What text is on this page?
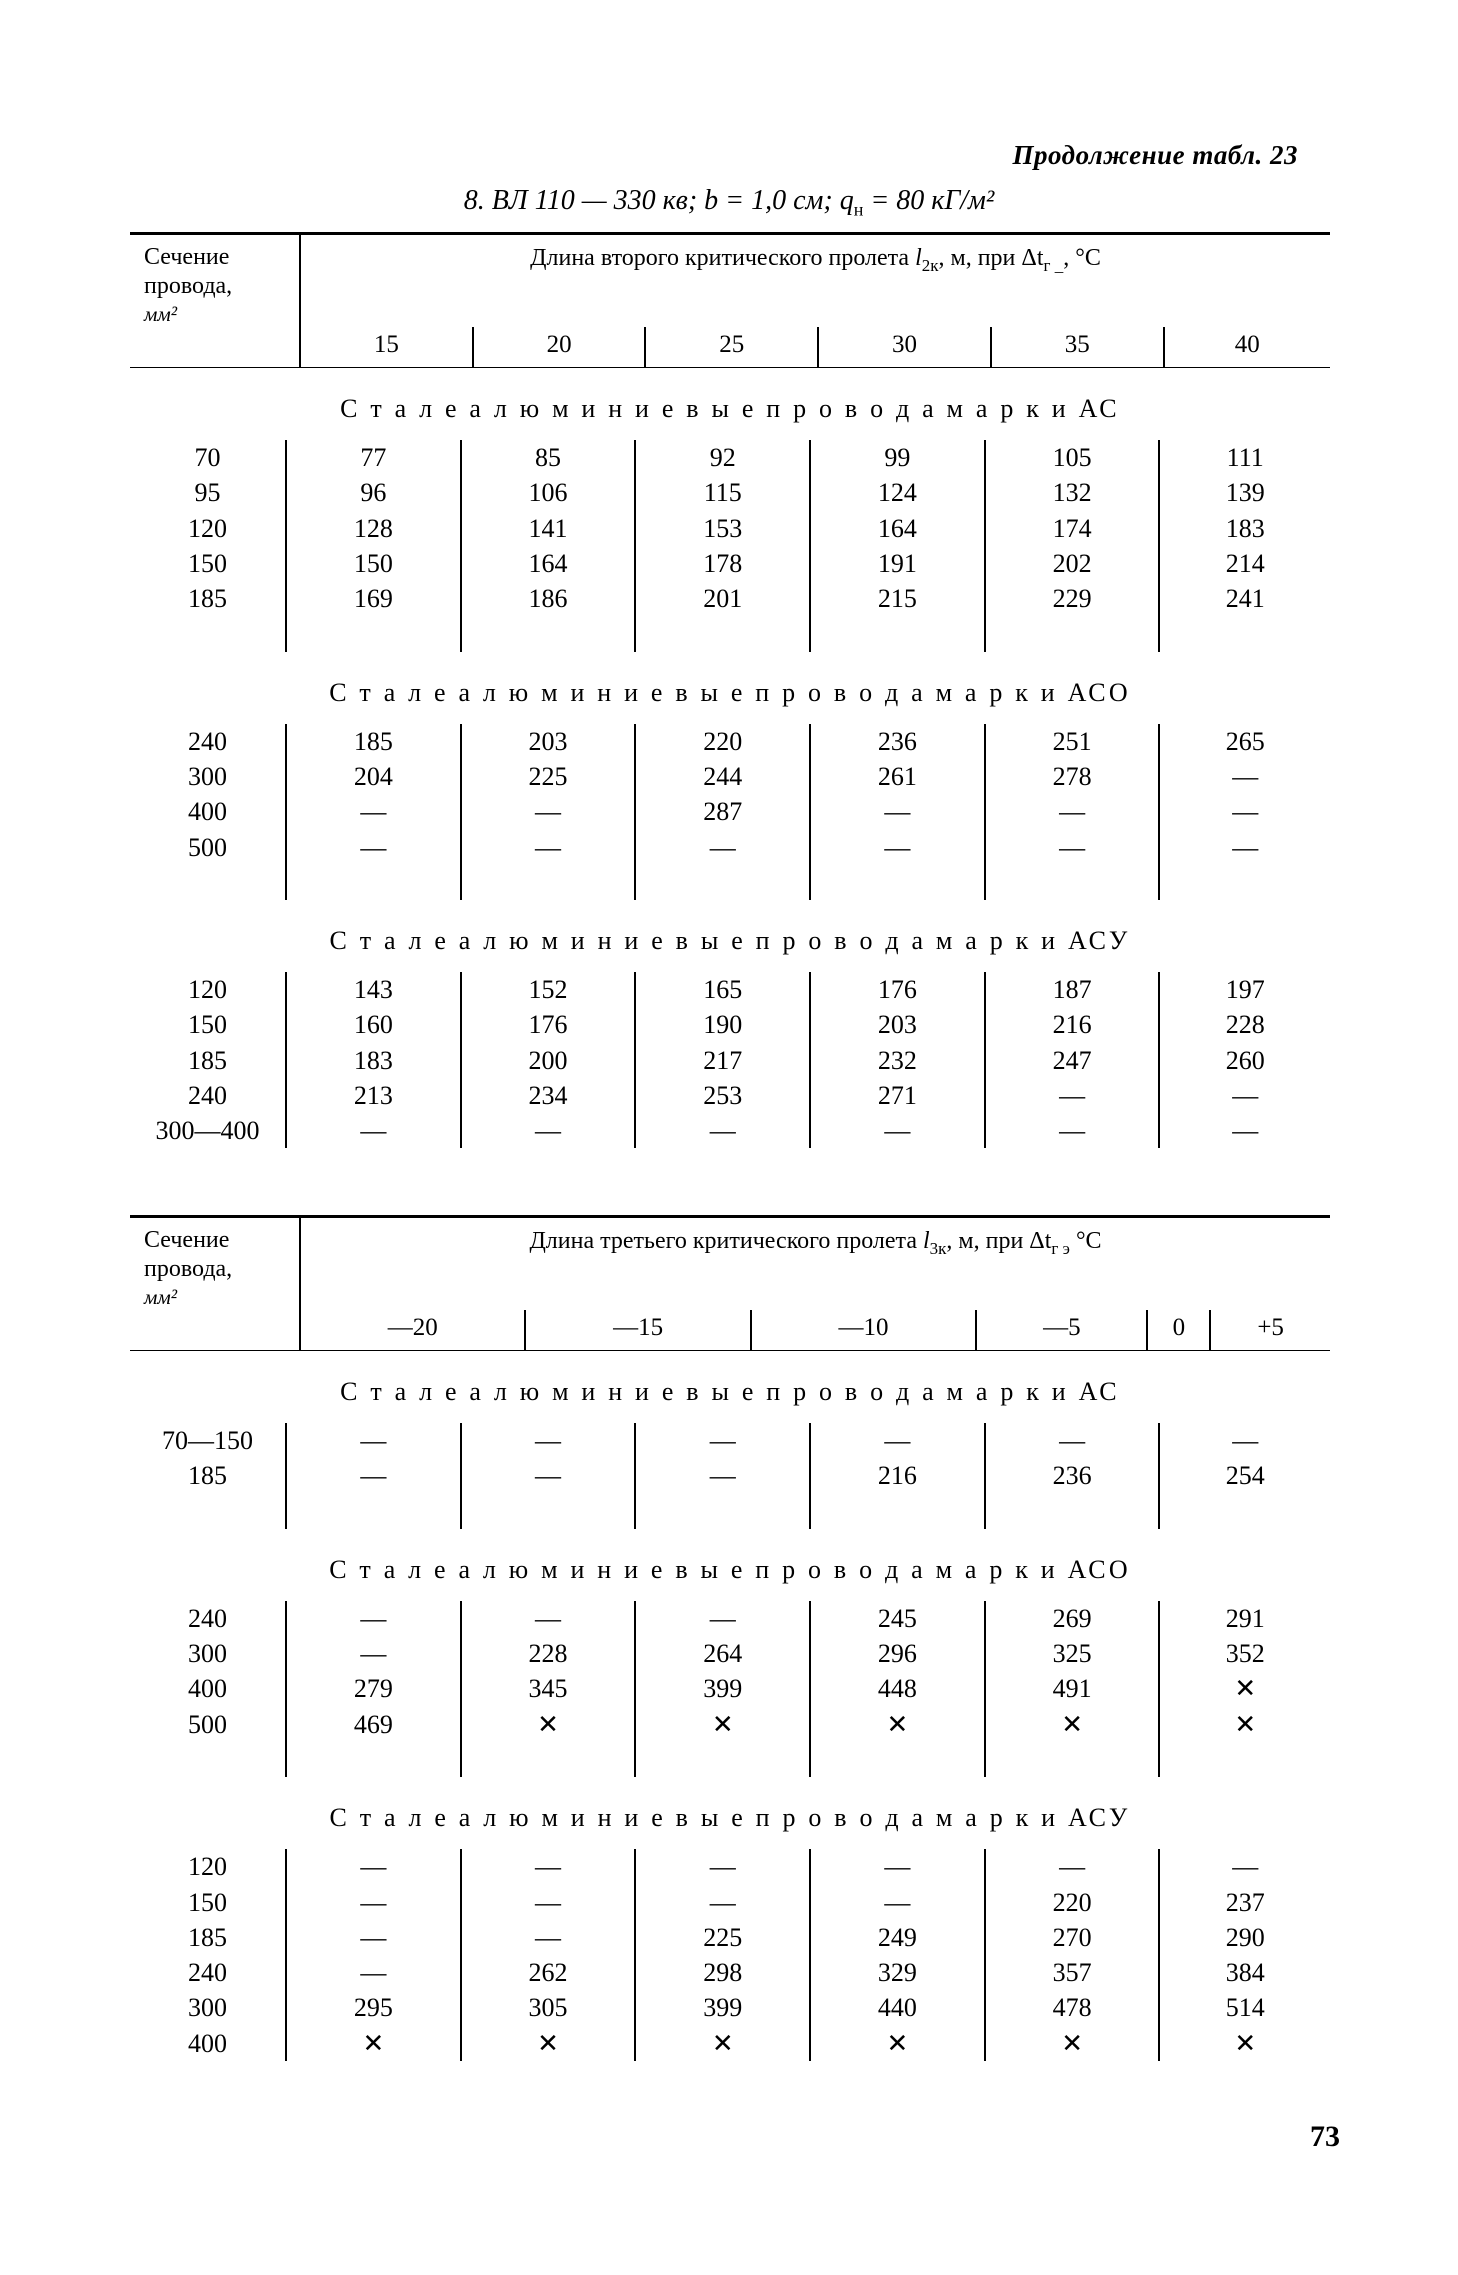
Продолжение табл. 23
8. ВЛ 110 — 330 кв; b = 1,0 см; $q_н = 80$ кГ/м²
Сечение
провода,
мм²	Длина второго критического пролета $l_{2к}$, м, при $\Delta t_{г \_}$, °C					
	15	20	25	30	35	40
С т а л е а л ю м и н и е в ы е п р о в о д а м а р к и АС						
70	77	85	92	99	105	111
95	96	106	115	124	132	139
120	128	141	153	164	174	183
150	150	164	178	191	202	214
185	169	186	201	215	229	241

С т а л е а л ю м и н и е в ы е п р о в о д а м а р к и АСО						
240	185	203	220	236	251	265
300	204	225	244	261	278	—
400	—	—	287	—	—	—
500	—	—	—	—	—	—

С т а л е а л ю м и н и е в ы е п р о в о д а м а р к и АСУ						
120	143	152	165	176	187	197
150	160	176	190	203	216	228
185	183	200	217	232	247	260
240	213	234	253	271	—	—
300—400	—	—	—	—	—	—
Сечение
провода,
мм²	Длина третьего критического пролета $l_{3к}$, м, при $\Delta t_{г э}$ °C					
	—20	—15	—10	—5	0	+5
С т а л е а л ю м и н и е в ы е п р о в о д а м а р к и АС						
70—150	—	—	—	—	—	—
185	—	—	—	216	236	254

С т а л е а л ю м и н и е в ы е п р о в о д а м а р к и АСО						
240	—	—	—	245	269	291
300	—	228	264	296	325	352
400	279	345	399	448	491	✕
500	469	✕	✕	✕	✕	✕

С т а л е а л ю м и н и е в ы е п р о в о д а м а р к и АСУ						
120	—	—	—	—	—	—
150	—	—	—	—	220	237
185	—	—	225	249	270	290
240	—	262	298	329	357	384
300	295	305	399	440	478	514
400	✕	✕	✕	✕	✕	✕
73
